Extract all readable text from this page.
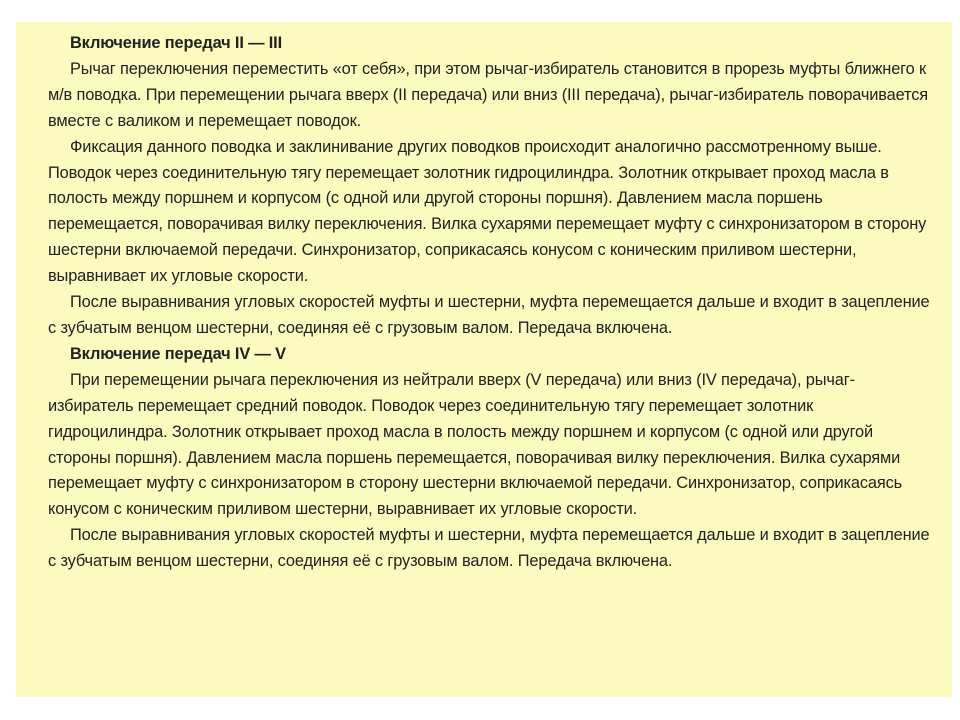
Включение передач II — III

Рычаг переключения переместить «от себя», при этом рычаг-избиратель становится в прорезь муфты ближнего к м/в поводка. При перемещении рычага вверх (II передача) или вниз (III передача), рычаг-избиратель поворачивается вместе с валиком и перемещает поводок.

Фиксация данного поводка и заклинивание других поводков происходит аналогично рассмотренному выше. Поводок через соединительную тягу перемещает золотник гидроцилиндра. Золотник открывает проход масла в полость между поршнем и корпусом (с одной или другой стороны поршня). Давлением масла поршень перемещается, поворачивая вилку переключения. Вилка сухарями перемещает муфту с синхронизатором в сторону шестерни включаемой передачи. Синхронизатор, соприкасаясь конусом с коническим приливом шестерни, выравнивает их угловые скорости.

После выравнивания угловых скоростей муфты и шестерни, муфта перемещается дальше и входит в зацепление с зубчатым венцом шестерни, соединяя её с грузовым валом. Передача включена.

Включение передач IV — V

При перемещении рычага переключения из нейтрали вверх (V передача) или вниз (IV передача), рычаг-избиратель перемещает средний поводок. Поводок через соединительную тягу перемещает золотник гидроцилиндра. Золотник открывает проход масла в полость между поршнем и корпусом (с одной или другой стороны поршня). Давлением масла поршень перемещается, поворачивая вилку переключения. Вилка сухарями перемещает муфту с синхронизатором в сторону шестерни включаемой передачи. Синхронизатор, соприкасаясь конусом с коническим приливом шестерни, выравнивает их угловые скорости.

После выравнивания угловых скоростей муфты и шестерни, муфта перемещается дальше и входит в зацепление с зубчатым венцом шестерни, соединяя её с грузовым валом. Передача включена.
